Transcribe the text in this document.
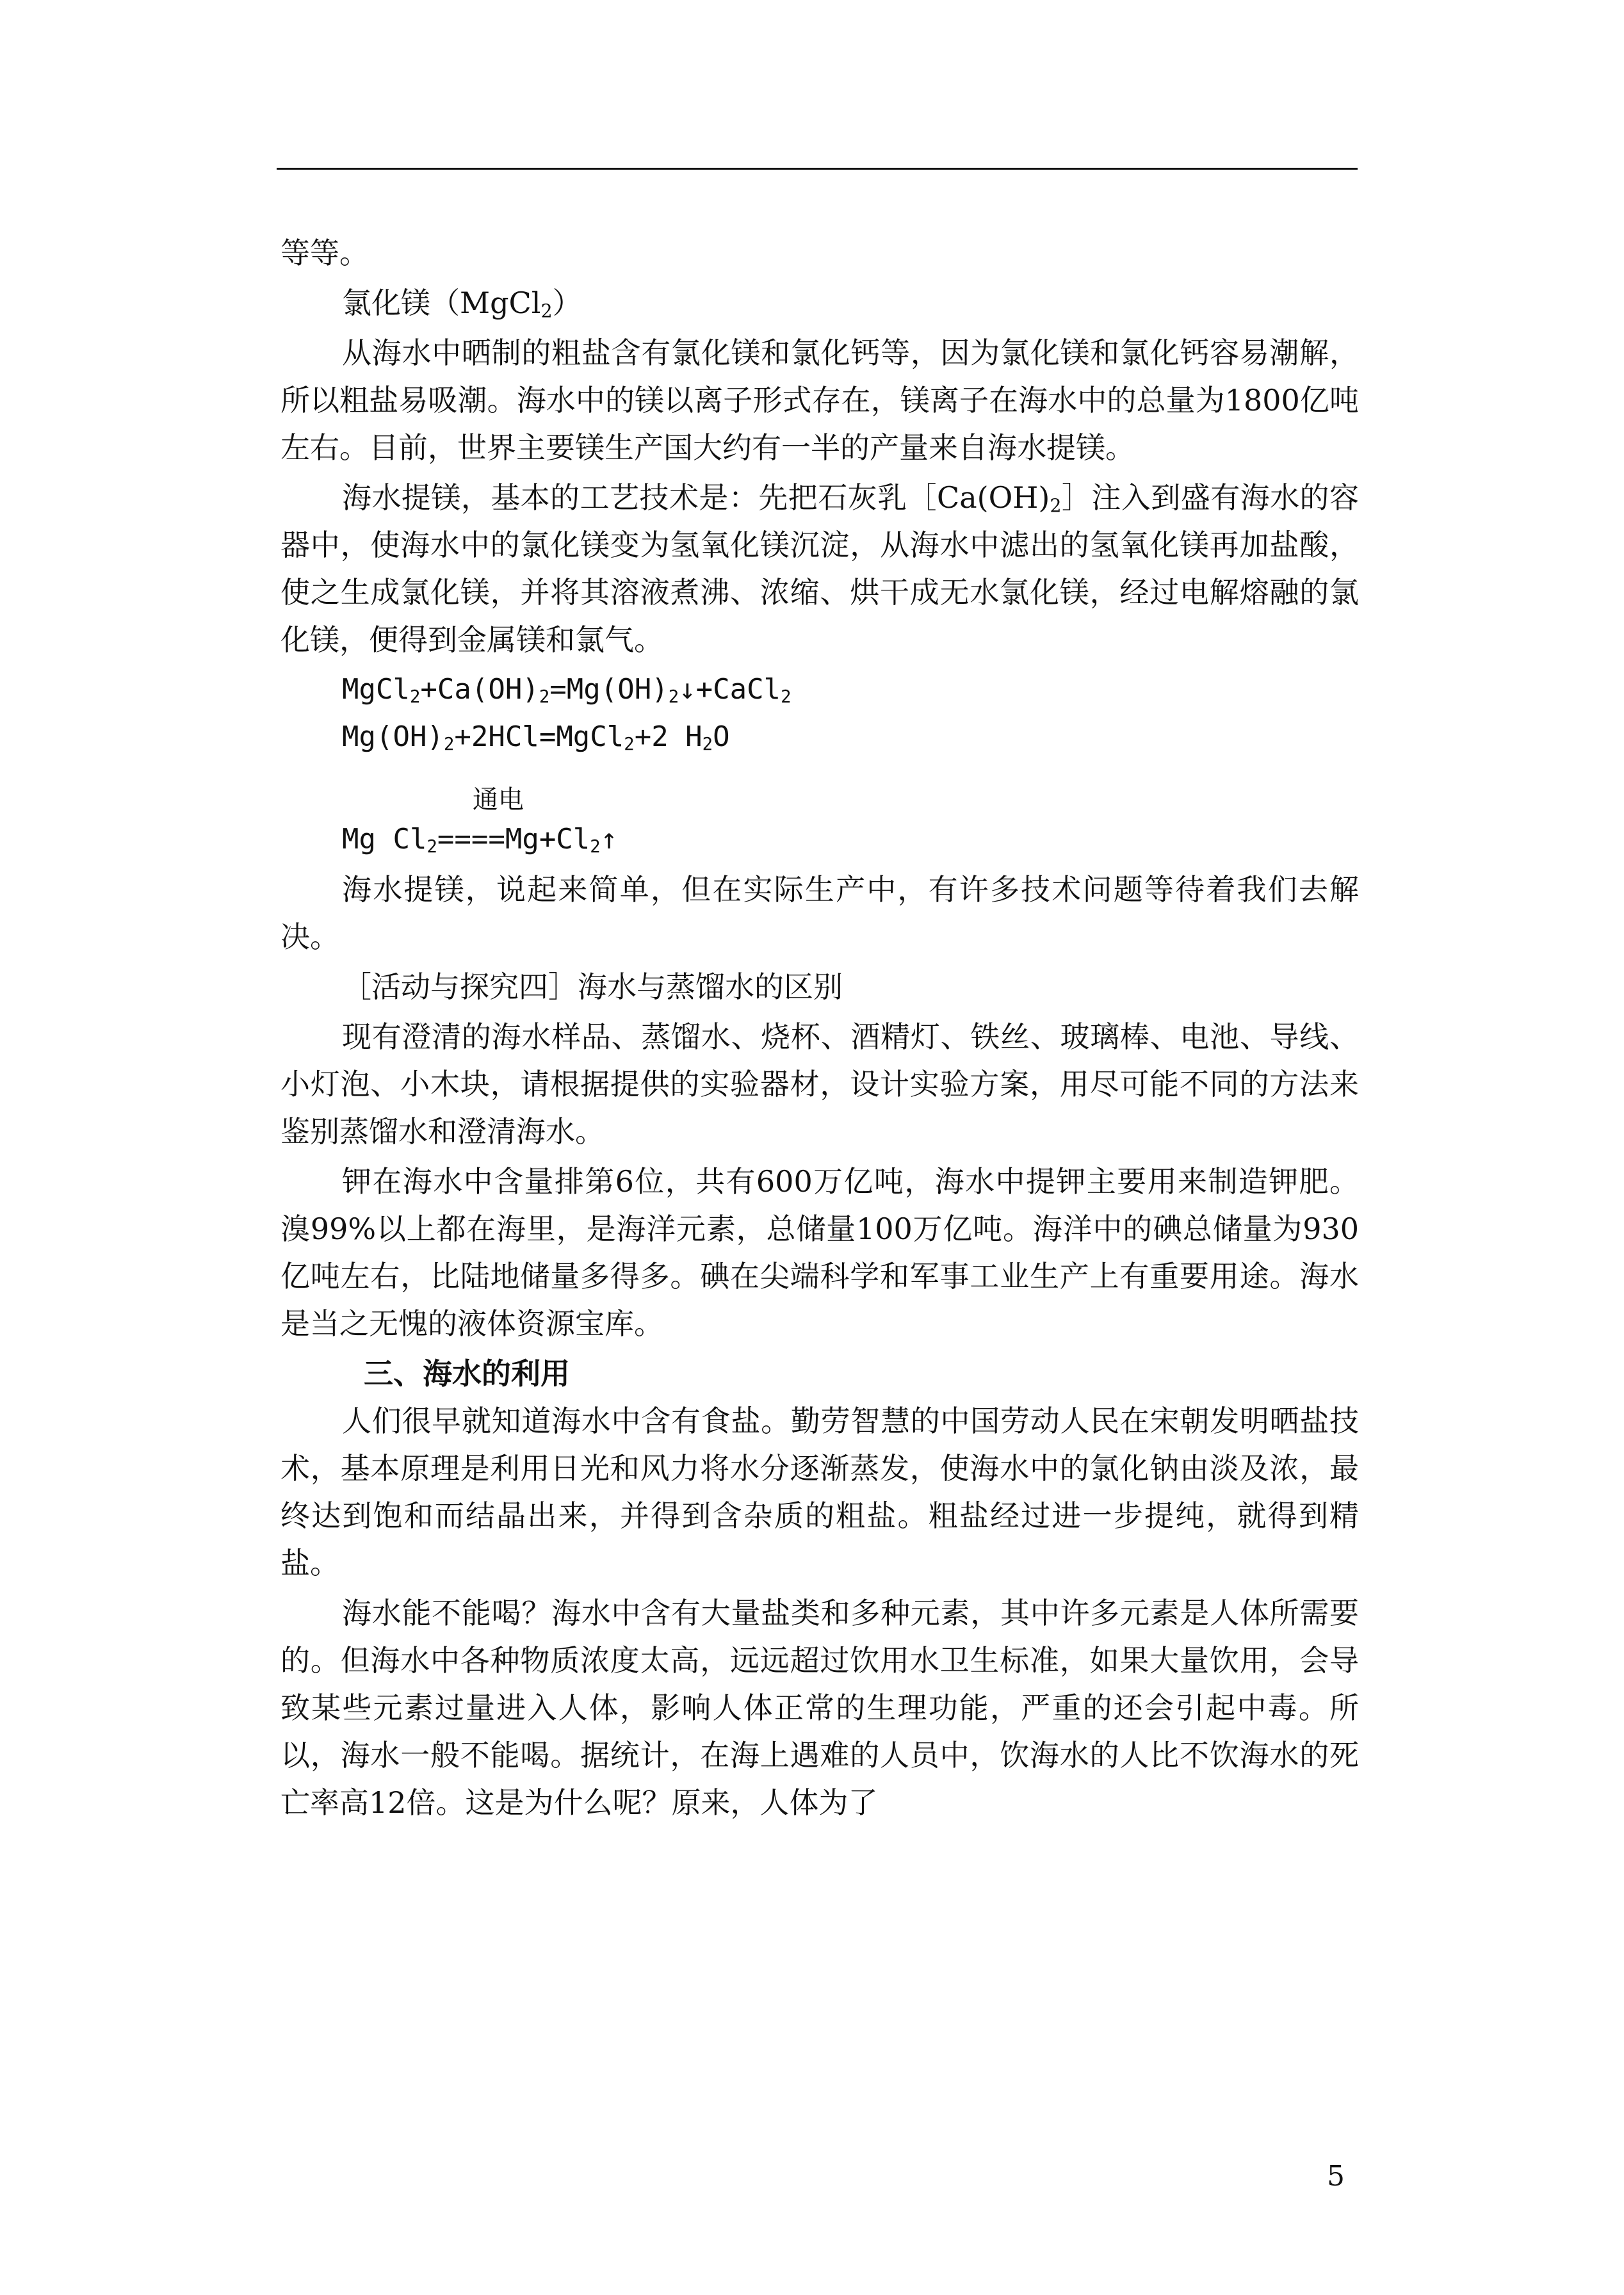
等等。

氯化镁（MgCl$_2$）

从海水中晒制的粗盐含有氯化镁和氯化钙等，因为氯化镁和氯化钙容易潮解，所以粗盐易吸潮。海水中的镁以离子形式存在，镁离子在海水中的总量为1800亿吨左右。目前，世界主要镁生产国大约有一半的产量来自海水提镁。

海水提镁，基本的工艺技术是：先把石灰乳$[Ca(OH)_2]$注入到盛有海水的容器中，使海水中的氯化镁变为氢氧化镁沉淀，从海水中滤出的氢氧化镁再加盐酸，使之生成氯化镁，并将其溶液煮沸、浓缩、烘干成无水氯化镁，经过电解熔融的氯化镁，便得到金属镁和氯气。

$MgCl_2+Ca(OH)_2=Mg(OH)_2↓+CaCl_2$

$Mg(OH)_2+2HCl=MgCl_2+2$ $H_2O$

通电

Mg $Cl_2====Mg+Cl_2↑$

海水提镁，说起来简单，但在实际生产中，有许多技术问题等待着我们去解决。

［活动与探究四］海水与蒸馏水的区别

现有澄清的海水样品、蒸馏水、烧杯、酒精灯、铁丝、玻璃棒、电池、导线、小灯泡、小木块，请根据提供的实验器材，设计实验方案，用尽可能不同的方法来鉴别蒸馏水和澄清海水。

钾在海水中含量排第6位，共有600万亿吨，海水中提钾主要用来制造钾肥。溴99%以上都在海里，是海洋元素，总储量100万亿吨。海洋中的碘总储量为930亿吨左右，比陆地储量多得多。碘在尖端科学和军事工业生产上有重要用途。海水是当之无愧的液体资源宝库。

三、海水的利用

人们很早就知道海水中含有食盐。勤劳智慧的中国劳动人民在宋朝发明晒盐技术，基本原理是利用日光和风力将水分逐渐蒸发，使海水中的氯化钠由淡及浓，最终达到饱和而结晶出来，并得到含杂质的粗盐。粗盐经过进一步提纯，就得到精盐。

海水能不能喝？海水中含有大量盐类和多种元素，其中许多元素是人体所需要的。但海水中各种物质浓度太高，远远超过饮用水卫生标准，如果大量饮用，会导致某些元素过量进入人体，影响人体正常的生理功能，严重的还会引起中毒。所以，海水一般不能喝。据统计，在海上遇难的人员中，饮海水的人比不饮海水的死亡率高12倍。这是为什么呢？原来，人体为了

5
